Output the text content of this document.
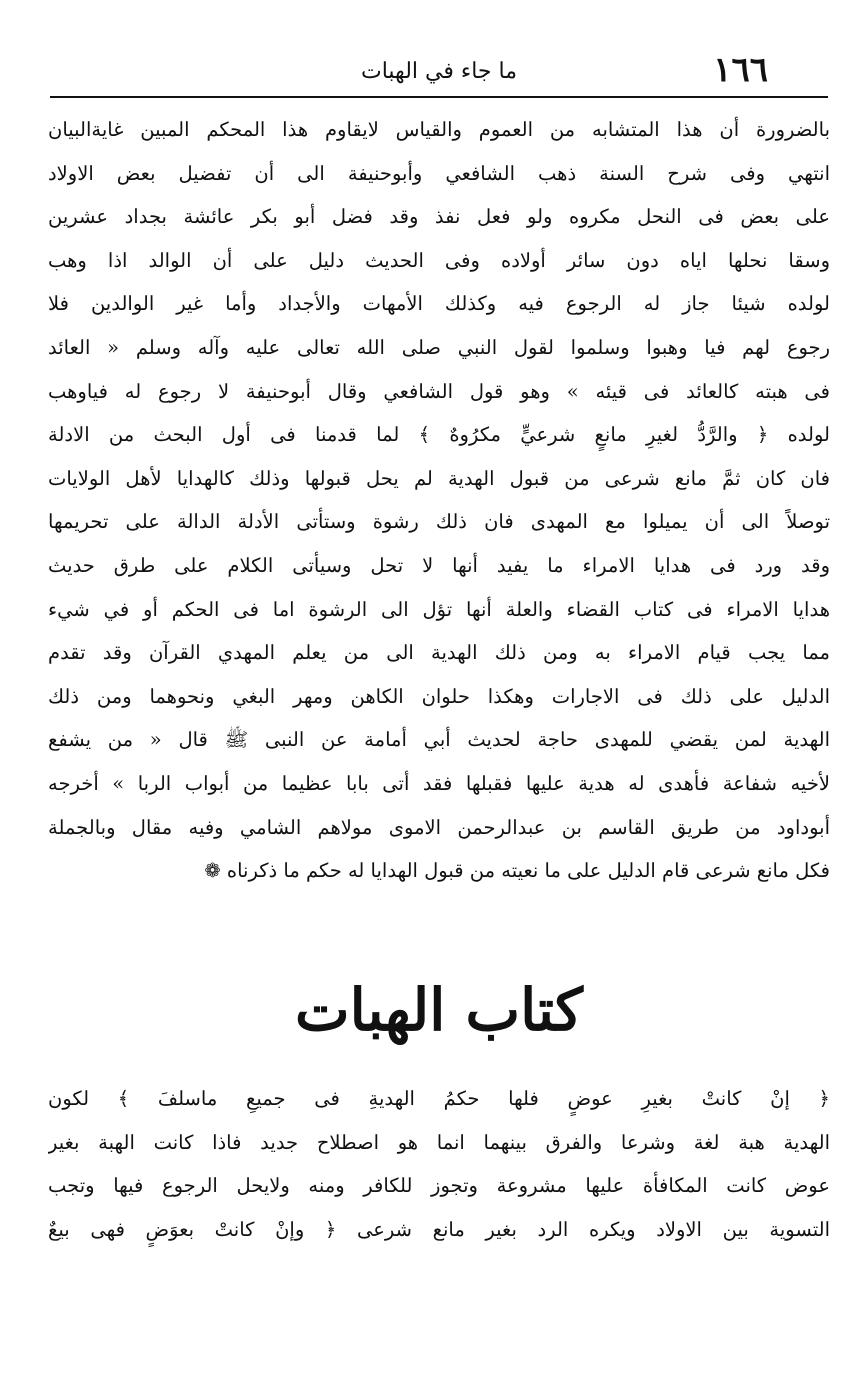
١٦٦
ما جاء في الهبات
بالضرورة أن هذا المتشابه من العموم والقياس لايقاوم هذا المحكم المبين غايةالبيان
انتهي وفى شرح السنة ذهب الشافعي وأبوحنيفة الى أن تفضيل بعض الاولاد
على بعض فى النحل مكروه ولو فعل نفذ وقد فضل أبو بكر عائشة بجداد عشرين
وسقا نحلها اياه دون سائر أولاده وفى الحديث دليل على أن الوالد اذا وهب
لولده شيئا جاز له الرجوع فيه وكذلك الأمهات والأجداد وأما غير الوالدين فلا
رجوع لهم فيا وهبوا وسلموا لقول النبي صلى الله تعالى عليه وآله وسلم « العائد
فى هبته كالعائد فى قيئه » وهو قول الشافعي وقال أبوحنيفة لا رجوع له فياوهب
لولده ﴿ والرَّدُّ لغيرِ مانعٍ شرعيٍّ مكرُوهٌ ﴾ لما قدمنا فى أول البحث من الادلة
فان كان ثمَّ مانع شرعى من قبول الهدية لم يحل قبولها وذلك كالهدايا لأهل الولايات
توصلاً الى أن يميلوا مع المهدى فان ذلك رشوة وستأتى الأدلة الدالة على تحريمها
وقد ورد فى هدايا الامراء ما يفيد أنها لا تحل وسيأتى الكلام على طرق حديث
هدايا الامراء فى كتاب القضاء والعلة أنها تؤل الى الرشوة اما فى الحكم أو في شيء
مما يجب قيام الامراء به ومن ذلك الهدية الى من يعلم المهدي القرآن وقد تقدم
الدليل على ذلك فى الاجارات وهكذا حلوان الكاهن ومهر البغي ونحوهما ومن ذلك
الهدية لمن يقضي للمهدى حاجة لحديث أبي أمامة عن النبى ﷺ قال « من يشفع
لأخيه شفاعة فأهدى له هدية عليها فقبلها فقد أتى بابا عظيما من أبواب الربا » أخرجه
أبوداود من طريق القاسم بن عبدالرحمن الاموى مولاهم الشامي وفيه مقال وبالجملة
فكل مانع شرعى قام الدليل على ما نعيته من قبول الهدايا له حكم ما ذكرناه ❁
كتاب الهبات
﴿ إنْ كانتْ بغيرِ عوضٍ فلها حكمُ الهديةِ فى جميعِ ماسلفَ ﴾ لكون
الهدية هبة لغة وشرعا والفرق بينهما انما هو اصطلاح جديد فاذا كانت الهبة بغير
عوض كانت المكافأة عليها مشروعة وتجوز للكافر ومنه ولايحل الرجوع فيها وتجب
التسوية بين الاولاد ويكره الرد بغير مانع شرعى ﴿ وإنْ كانتْ بعوَضٍ فهى بيعٌ
